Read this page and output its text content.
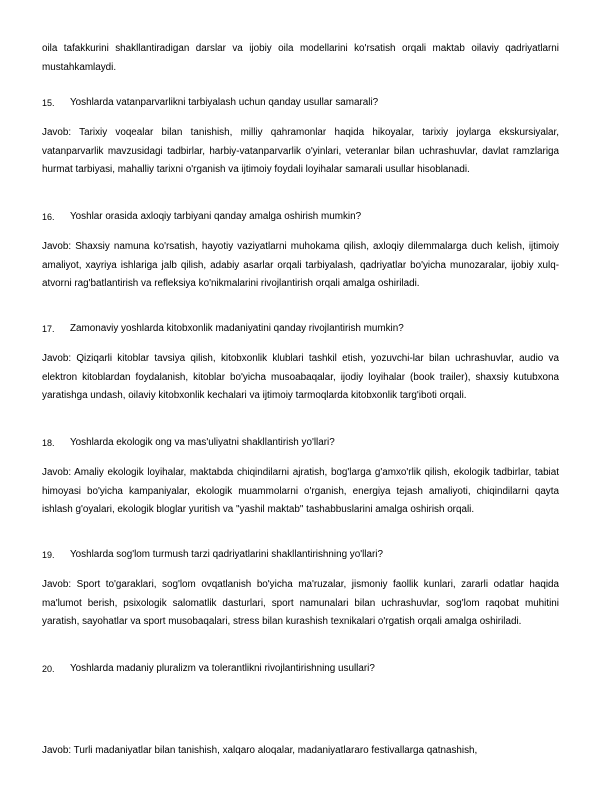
oila tafakkurini shakllantiradigan darslar va ijobiy oila modellarini ko'rsatish orqali maktab oilaviy qadriyatlarni mustahkamlaydi.

15.	Yoshlarda vatanparvarlikni tarbiyalash uchun qanday usullar samarali?

Javob: Tarixiy voqealar bilan tanishish, milliy qahramonlar haqida hikoyalar, tarixiy joylarga ekskursiyalar, vatanparvarlik mavzusidagi tadbirlar, harbiy-vatanparvarlik o'yinlari, veteranlar bilan uchrashuvlar, davlat ramzlariga hurmat tarbiyasi, mahalliy tarixni o'rganish va ijtimoiy foydali loyihalar samarali usullar hisoblanadi.

16.	Yoshlar orasida axloqiy tarbiyani qanday amalga oshirish mumkin?

Javob: Shaxsiy namuna ko'rsatish, hayotiy vaziyatlarni muhokama qilish, axloqiy dilemmalarga duch kelish, ijtimoiy amaliyot, xayriya ishlariga jalb qilish, adabiy asarlar orqali tarbiyalash, qadriyatlar bo'yicha munozaralar, ijobiy xulq-atvorni rag'batlantirish va refleksiya ko'nikmalarini rivojlantirish orqali amalga oshiriladi.

17.	Zamonaviy yoshlarda kitobxonlik madaniyatini qanday rivojlantirish mumkin?

Javob: Qiziqarli kitoblar tavsiya qilish, kitobxonlik klublari tashkil etish, yozuvchi-lar bilan uchrashuvlar, audio va elektron kitoblardan foydalanish, kitoblar bo'yicha musoabaqalar, ijodiy loyihalar (book trailer), shaxsiy kutubxona yaratishga undash, oilaviy kitobxonlik kechalari va ijtimoiy tarmoqlarda kitobxonlik targ'iboti orqali.

18.	Yoshlarda ekologik ong va mas'uliyatni shakllantirish yo'llari?

Javob: Amaliy ekologik loyihalar, maktabda chiqindilarni ajratish, bog'larga g'amxo'rlik qilish, ekologik tadbirlar, tabiat himoyasi bo'yicha kampaniyalar, ekologik muammolarni o'rganish, energiya tejash amaliyoti, chiqindilarni qayta ishlash g'oyalari, ekologik bloglar yuritish va "yashil maktab" tashabbuslarini amalga oshirish orqali.

19.	Yoshlarda sog'lom turmush tarzi qadriyatlarini shakllantirishning yo'llari?

Javob: Sport to'garaklari, sog'lom ovqatlanish bo'yicha ma'ruzalar, jismoniy faollik kunlari, zararli odatlar haqida ma'lumot berish, psixologik salomatlik dasturlari, sport namunalari bilan uchrashuvlar, sog'lom raqobat muhitini yaratish, sayohatlar va sport musobaqalari, stress bilan kurashish texnikalari o'rgatish orqali amalga oshiriladi.

20.	Yoshlarda madaniy pluralizm va tolerantlikni rivojlantirishning usullari?

Javob: Turli madaniyatlar bilan tanishish, xalqaro aloqalar, madaniyatlararo festivallarga qatnashish,
